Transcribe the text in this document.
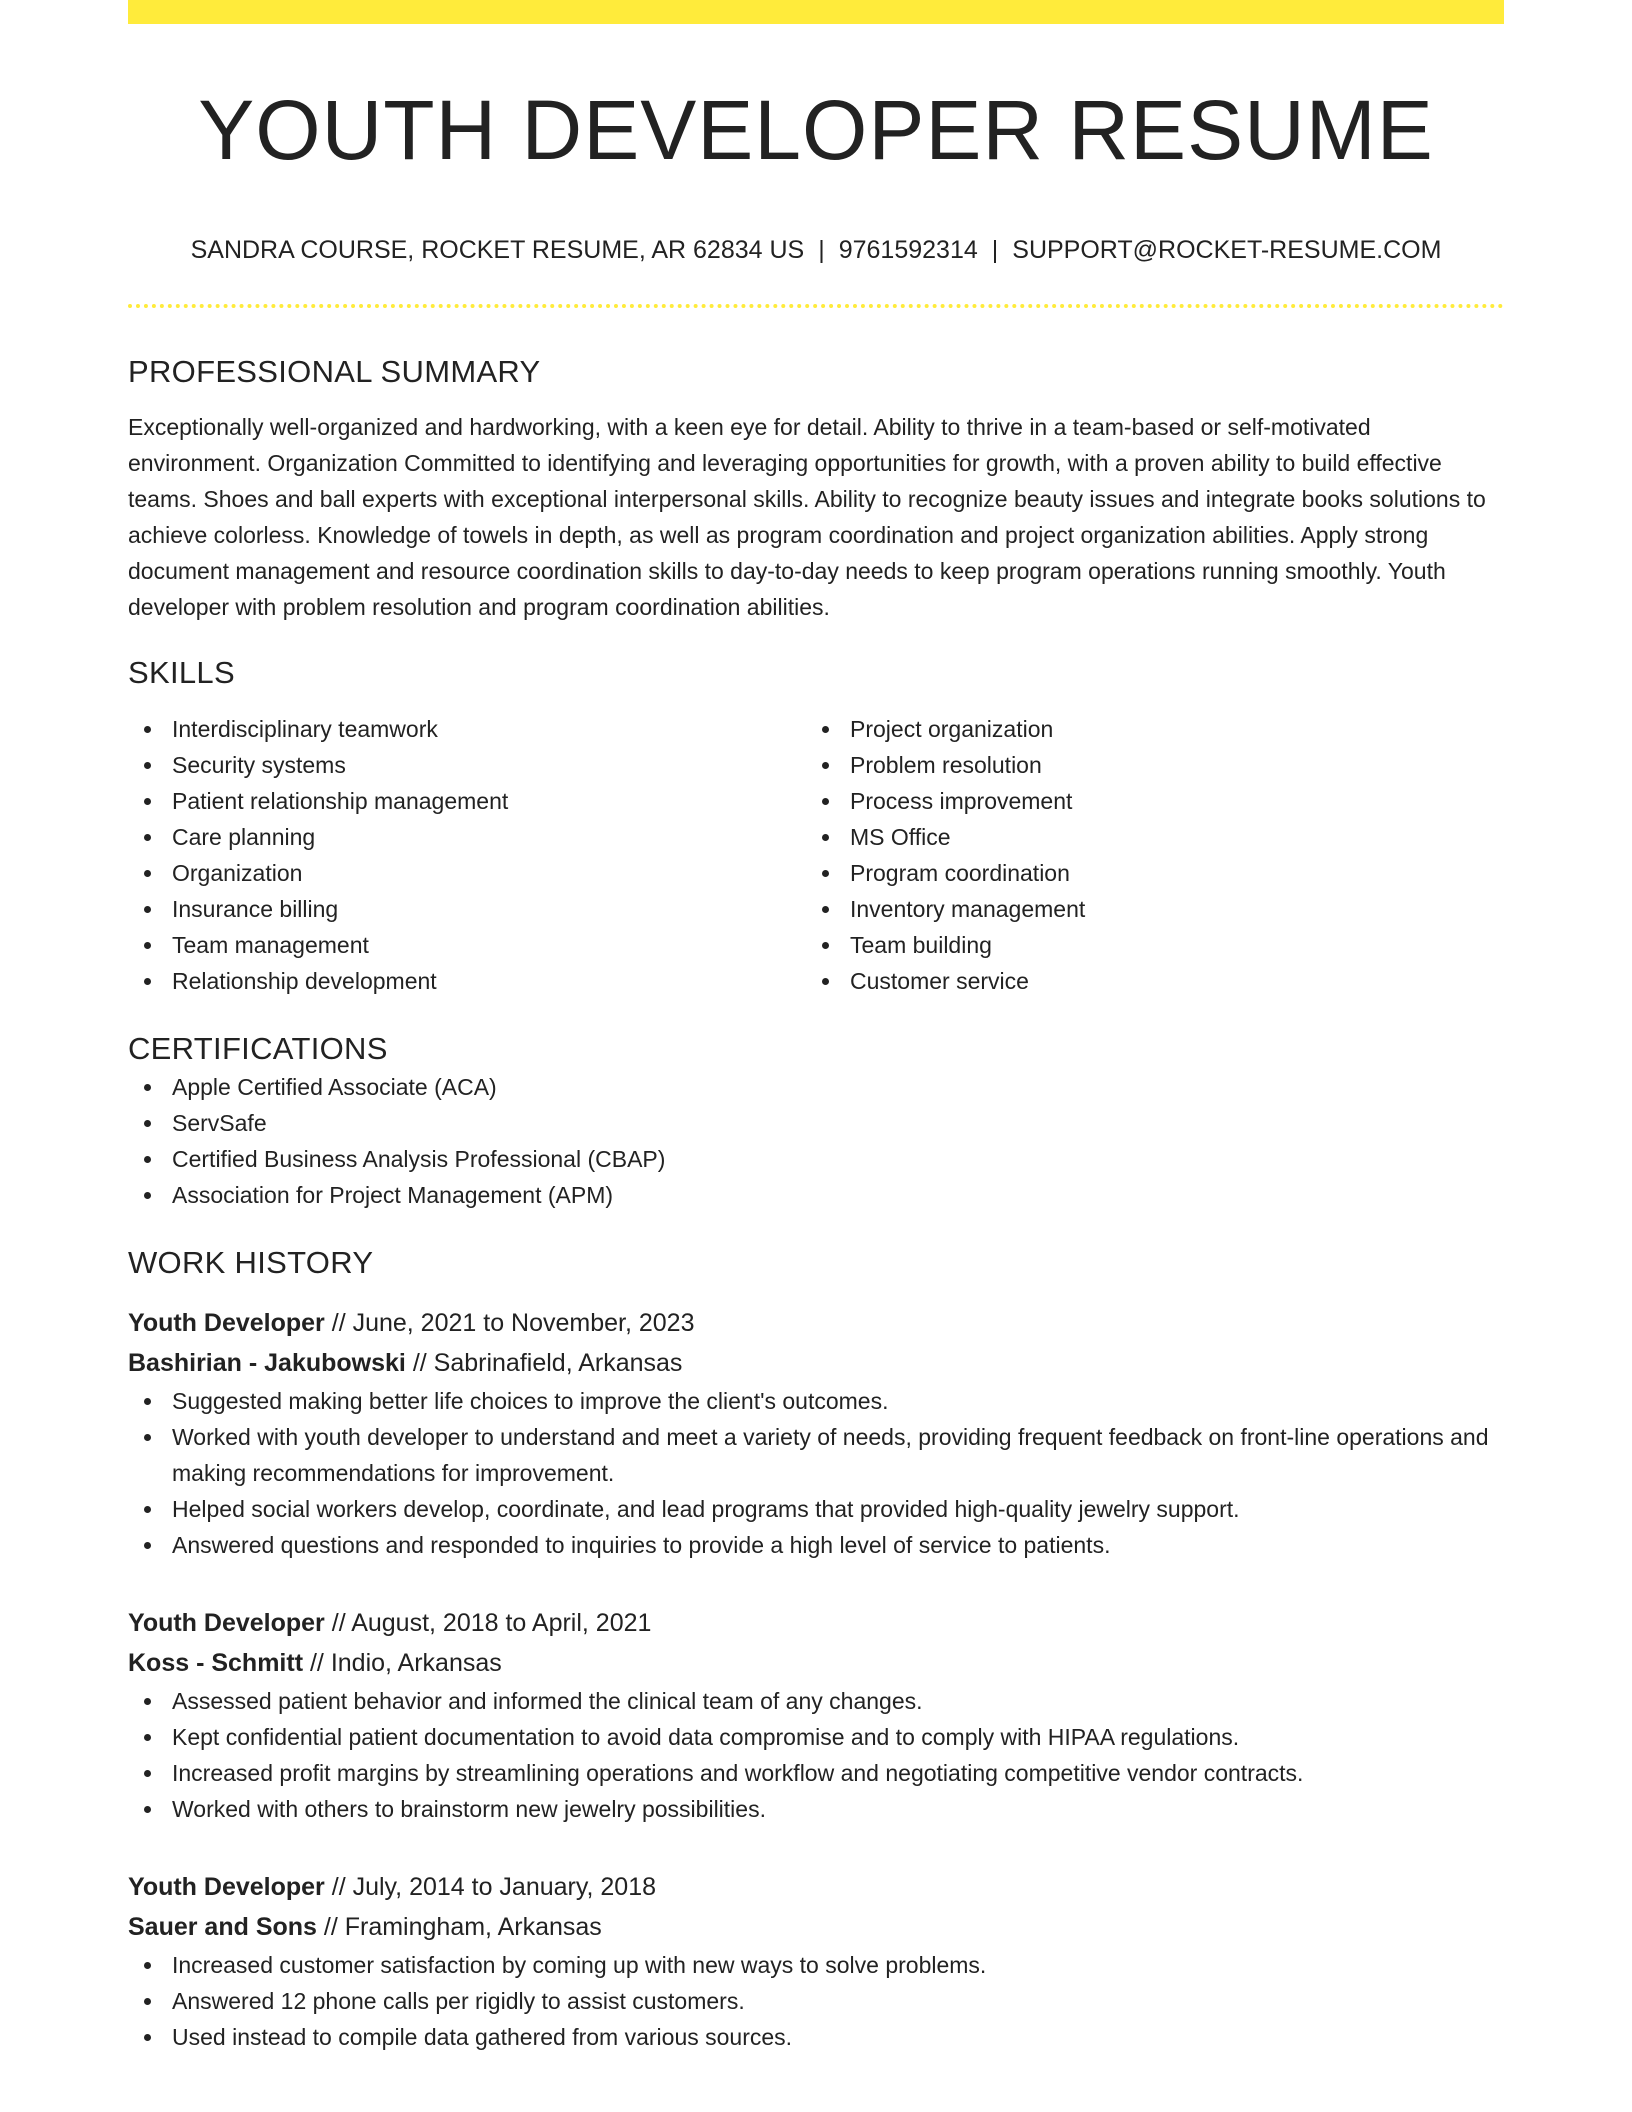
YOUTH DEVELOPER RESUME
SANDRA COURSE, ROCKET RESUME, AR 62834 US | 9761592314 | SUPPORT@ROCKET-RESUME.COM
PROFESSIONAL SUMMARY

Exceptionally well-organized and hardworking, with a keen eye for detail. Ability to thrive in a team-based or self-motivated environment. Organization Committed to identifying and leveraging opportunities for growth, with a proven ability to build effective teams. Shoes and ball experts with exceptional interpersonal skills. Ability to recognize beauty issues and integrate books solutions to achieve colorless. Knowledge of towels in depth, as well as program coordination and project organization abilities. Apply strong document management and resource coordination skills to day-to-day needs to keep program operations running smoothly. Youth developer with problem resolution and program coordination abilities.

SKILLS
Interdisciplinary teamwork
Security systems
Patient relationship management
Care planning
Organization
Insurance billing
Team management
Relationship development
Project organization
Problem resolution
Process improvement
MS Office
Program coordination
Inventory management
Team building
Customer service
CERTIFICATIONS
Apple Certified Associate (ACA)
ServSafe
Certified Business Analysis Professional (CBAP)
Association for Project Management (APM)
WORK HISTORY
Youth Developer // June, 2021 to November, 2023
Bashirian - Jakubowski // Sabrinafield, Arkansas
Suggested making better life choices to improve the client's outcomes.
Worked with youth developer to understand and meet a variety of needs, providing frequent feedback on front-line operations and making recommendations for improvement.
Helped social workers develop, coordinate, and lead programs that provided high-quality jewelry support.
Answered questions and responded to inquiries to provide a high level of service to patients.
Youth Developer // August, 2018 to April, 2021
Koss - Schmitt // Indio, Arkansas
Assessed patient behavior and informed the clinical team of any changes.
Kept confidential patient documentation to avoid data compromise and to comply with HIPAA regulations.
Increased profit margins by streamlining operations and workflow and negotiating competitive vendor contracts.
Worked with others to brainstorm new jewelry possibilities.
Youth Developer // July, 2014 to January, 2018
Sauer and Sons // Framingham, Arkansas
Increased customer satisfaction by coming up with new ways to solve problems.
Answered 12 phone calls per rigidly to assist customers.
Used instead to compile data gathered from various sources.
